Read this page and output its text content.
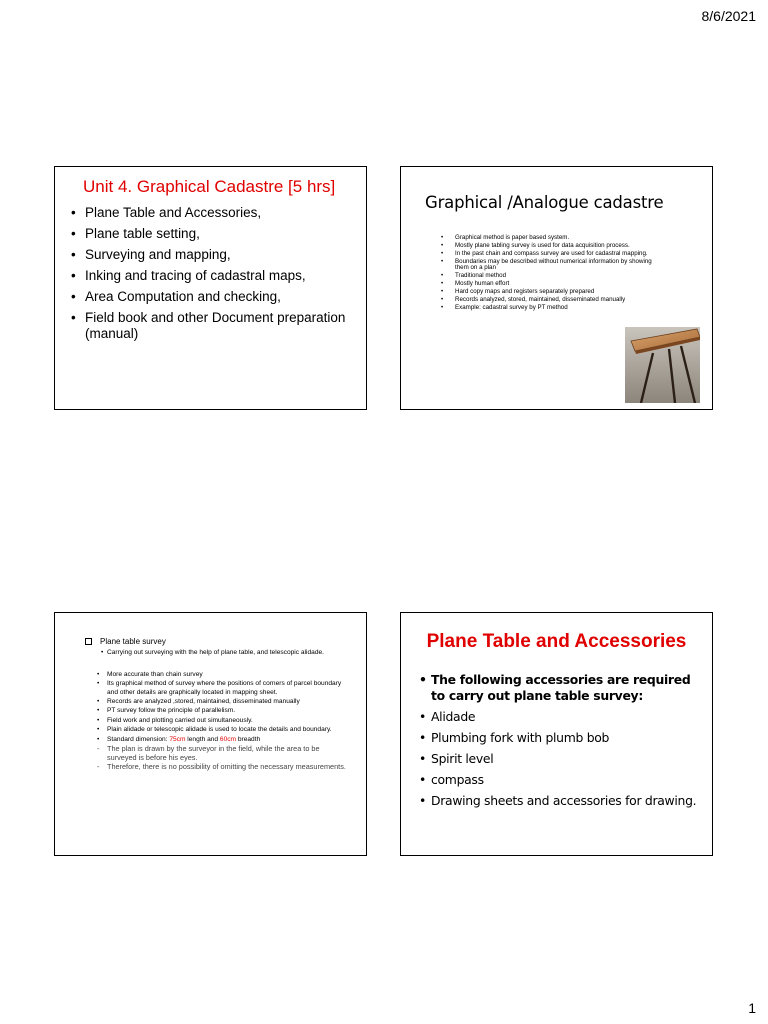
8/6/2021
Unit 4. Graphical Cadastre [5 hrs]
• Plane Table and Accessories,
• Plane table setting,
• Surveying and mapping,
• Inking and tracing of cadastral maps,
• Area Computation and checking,
• Field book and other Document preparation (manual)
Graphical /Analogue cadastre
• Graphical method is paper based system.
• Mostly plane tabling survey is used for data acquisition process.
• In the past chain and compass survey are used for cadastral mapping.
• Boundaries may be described without numerical information by showing them on a plan
• Traditional method
• Mostly human effort
• Hard copy maps and registers separately prepared
• Records analyzed, stored, maintained, disseminated manually
• Example: cadastral survey by PT method
Plane table survey
•  Carrying out surveying with the help of plane table, and telescopic alidade.
• More accurate than chain survey
• Its graphical method of survey where the positions of corners of parcel boundary and other details are graphically located in mapping sheet.
• Records are analyzed ,stored, maintained, disseminated manually
• PT survey follow the principle of parallelism.
• Field work and plotting carried out simultaneously.
• Plain alidade or telescopic alidade is used to locate the details and boundary.
• Standard dimension: 75cm length and 60cm breadth
- The plan is drawn by the surveyor in the field, while the area to be surveyed is before his eyes.
- Therefore, there is no possibility of omitting the necessary measurements.
Plane Table and Accessories
• The following accessories are required to carry out plane table survey:
• Alidade
• Plumbing fork with plumb bob
• Spirit level
• compass
• Drawing sheets and accessories for drawing.
1
